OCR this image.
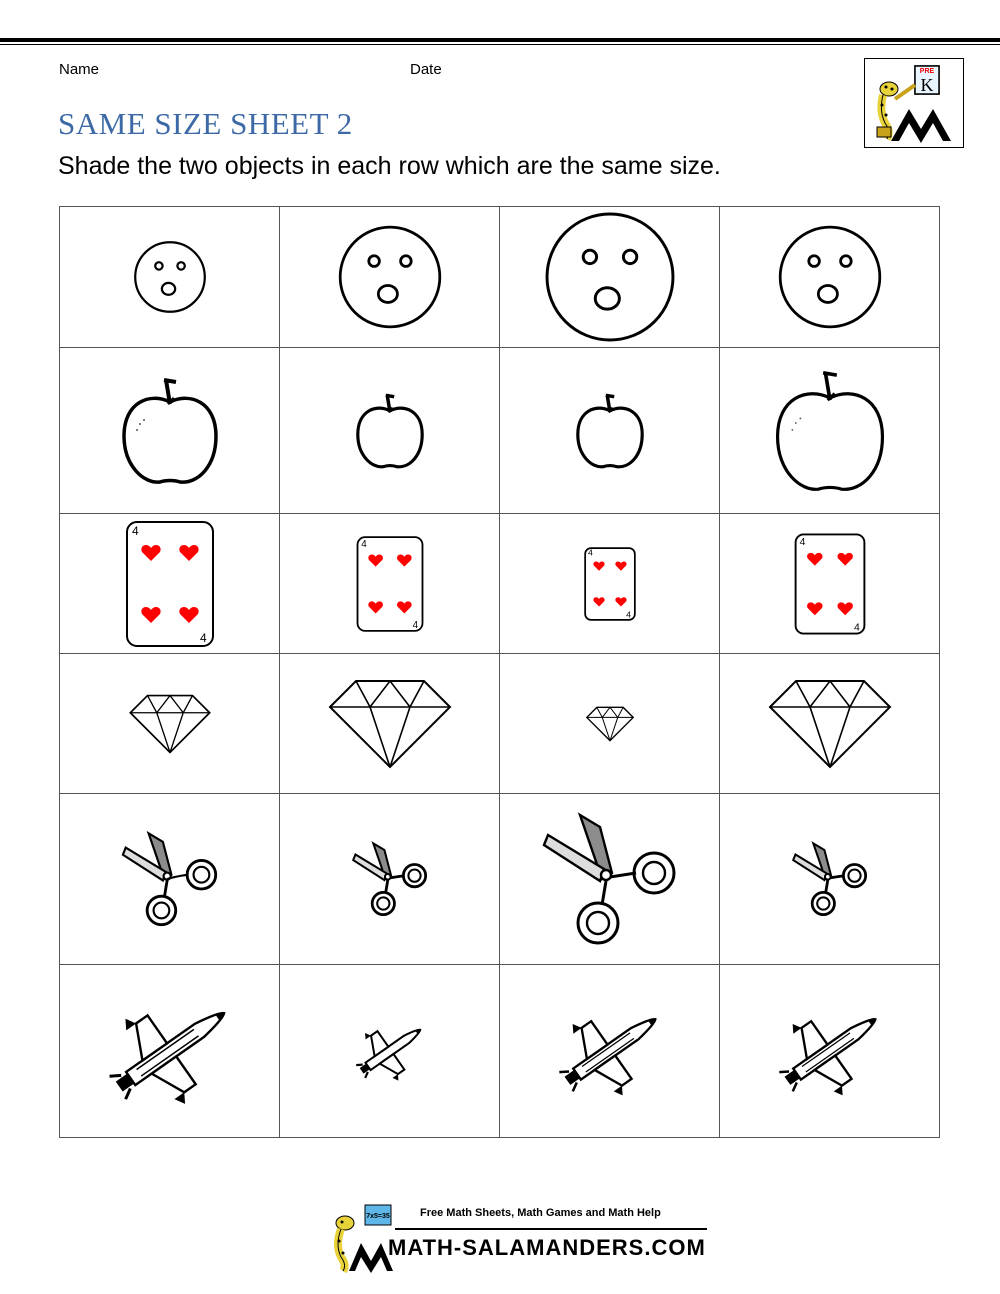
Name	Date	PRE
K
SAME SIZE SHEET 2
Shade the two objects in each row which are the same size.

4
4	4
4	4
4	4
4

7x5=35	Free Math Sheets, Math Games and Math Help
MATH-SALAMANDERS.COM
